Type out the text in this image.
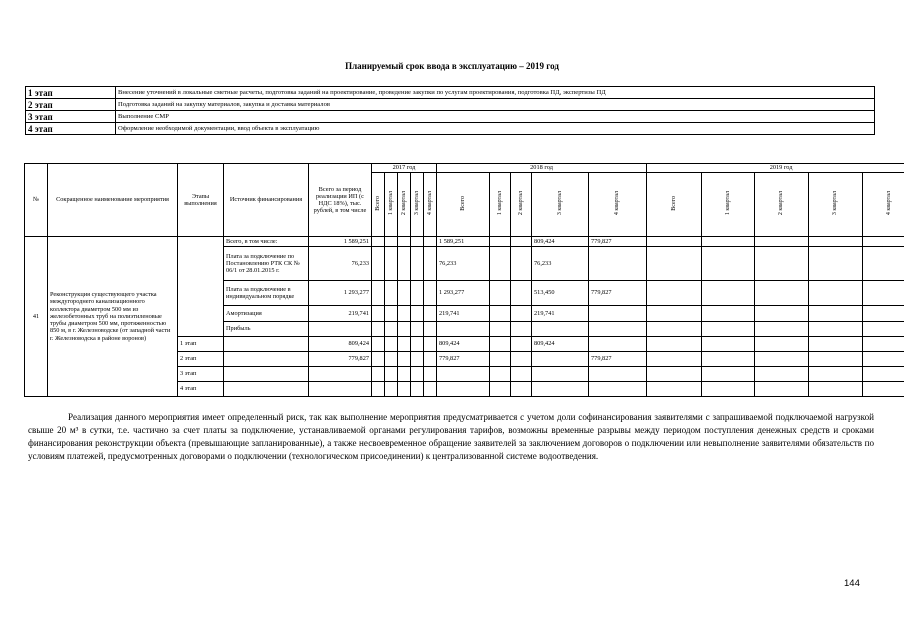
Планируемый срок ввода в эксплуатацию – 2019 год
1 этап	Внесение уточнений в локальные сметные расчеты, подготовка заданий на проектирование, проведение закупки по услугам проектирования, подготовка ПД, экспертизы ПД
2 этап	Подготовка заданий на закупку материалов, закупка и доставка материалов
3 этап	Выполнение СМР
4 этап	Оформление необходимой документации, ввод объекта в эксплуатацию
№	Сокращенное наименование мероприятия	Этапы выполнения	Источник финансирования	Всего за период реализации ИП (с НДС 18%), тыс. рублей, в том числе	2017 год					2018 год					2019 год				
					Всего	1 квартал	2 квартал	3 квартал	4 квартал	Всего	1 квартал	2 квартал	3 квартал	4 квартал	Всего	1 квартал	2 квартал	3 квартал	4 квартал
41	Реконструкция существующего участка междугороднего канализационного коллектора диаметром 500 мм из железобетонных труб на полиэтиленовые трубы диаметром 500 мм, протяженностью 850 м, в г. Железноводске (от западной части г. Железноводска в районе воронов)		Всего, в том числе:	1 589,251						1 589,251			809,424	779,827					
			Плата за подключение по Постановлению РТК СК № 06/1 от 28.01.2015 г.	76,233						76,233			76,233						
			Плата за подключение в индивидуальном порядке	1 293,277						1 293,277			513,450	779,827					
			Амортизация	219,741						219,741			219,741						
			Прибыль																
		1 этап		809,424						809,424			809,424						
		2 этап		779,827						779,827				779,827					
		3 этап																	
		4 этап																	
Реализация данного мероприятия имеет определенный риск, так как выполнение мероприятия предусматривается с учетом доли софинансирования заявителями с запрашиваемой подключаемой нагрузкой свыше 20 м³ в сутки, т.е. частично за счет платы за подключение, устанавливаемой органами регулирования тарифов, возможны временные разрывы между периодом поступления денежных средств и сроками финансирования реконструкции объекта (превышающие запланированные), а также несвоевременное обращение заявителей за заключением договоров о подключении или невыполнение заявителями обязательств по условиям платежей, предусмотренных договорами о подключении (технологическом присоединении) к централизованной системе водоотведения.
144
